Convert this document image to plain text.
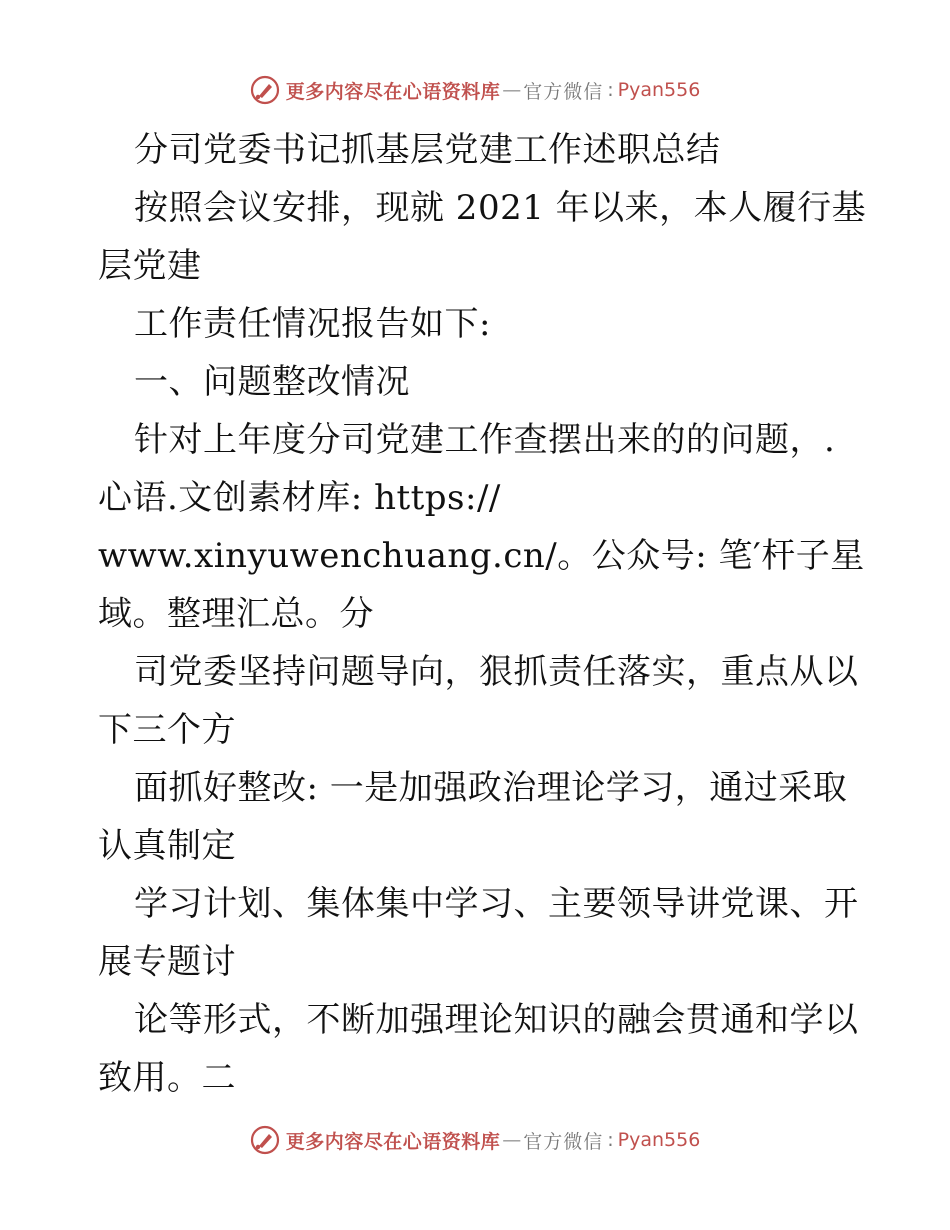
更多内容尽在心语资料库 — 官方微信 : Pyan556
分司党委书记抓基层党建工作述职总结
按照会议安排，现就 2021 年以来，本人履行基
层党建
工作责任情况报告如下:
一、问题整改情况
针对上年度分司党建工作查摆出来的的问题，.
心语.文创素材库: https://
www.xinyuwenchuang.cn/。公众号: 笔′杆子星
域。整理汇总。分
司党委坚持问题导向，狠抓责任落实，重点从以
下三个方
面抓好整改: 一是加强政治理论学习，通过采取
认真制定
学习计划、集体集中学习、主要领导讲党课、开
展专题讨
论等形式，不断加强理论知识的融会贯通和学以
致用。二
更多内容尽在心语资料库 — 官方微信 : Pyan556
